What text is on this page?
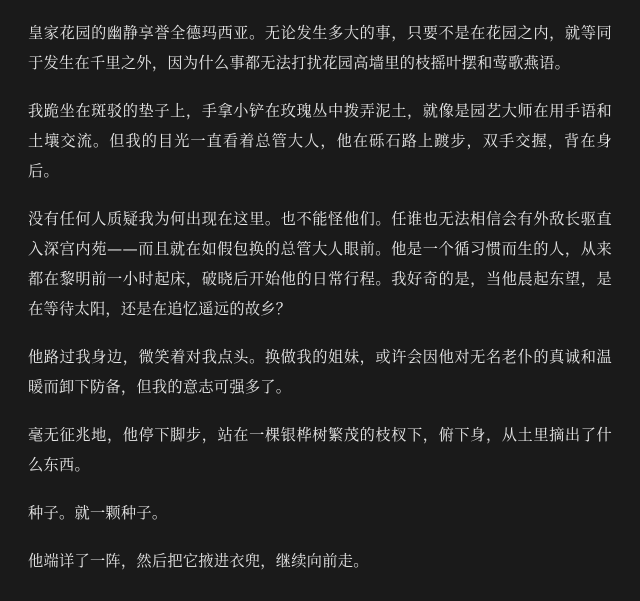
皇家花园的幽静享誉全德玛西亚。无论发生多大的事，只要不是在花园之内，就等同于发生在千里之外，因为什么事都无法打扰花园高墙里的枝摇叶摆和莺歌燕语。

我跪坐在斑驳的垫子上，手拿小铲在玫瑰丛中拨弄泥土，就像是园艺大师在用手语和土壤交流。但我的目光一直看着总管大人，他在砾石路上踱步，双手交握，背在身后。

没有任何人质疑我为何出现在这里。也不能怪他们。任谁也无法相信会有外敌长驱直入深宫内苑——而且就在如假包换的总管大人眼前。他是一个循习惯而生的人，从来都在黎明前一小时起床，破晓后开始他的日常行程。我好奇的是，当他晨起东望，是在等待太阳，还是在追忆遥远的故乡？

他路过我身边，微笑着对我点头。换做我的姐妹，或许会因他对无名老仆的真诚和温暖而卸下防备，但我的意志可强多了。

毫无征兆地，他停下脚步，站在一棵银桦树繁茂的枝杈下，俯下身，从土里摘出了什么东西。

种子。就一颗种子。

他端详了一阵，然后把它掖进衣兜，继续向前走。
